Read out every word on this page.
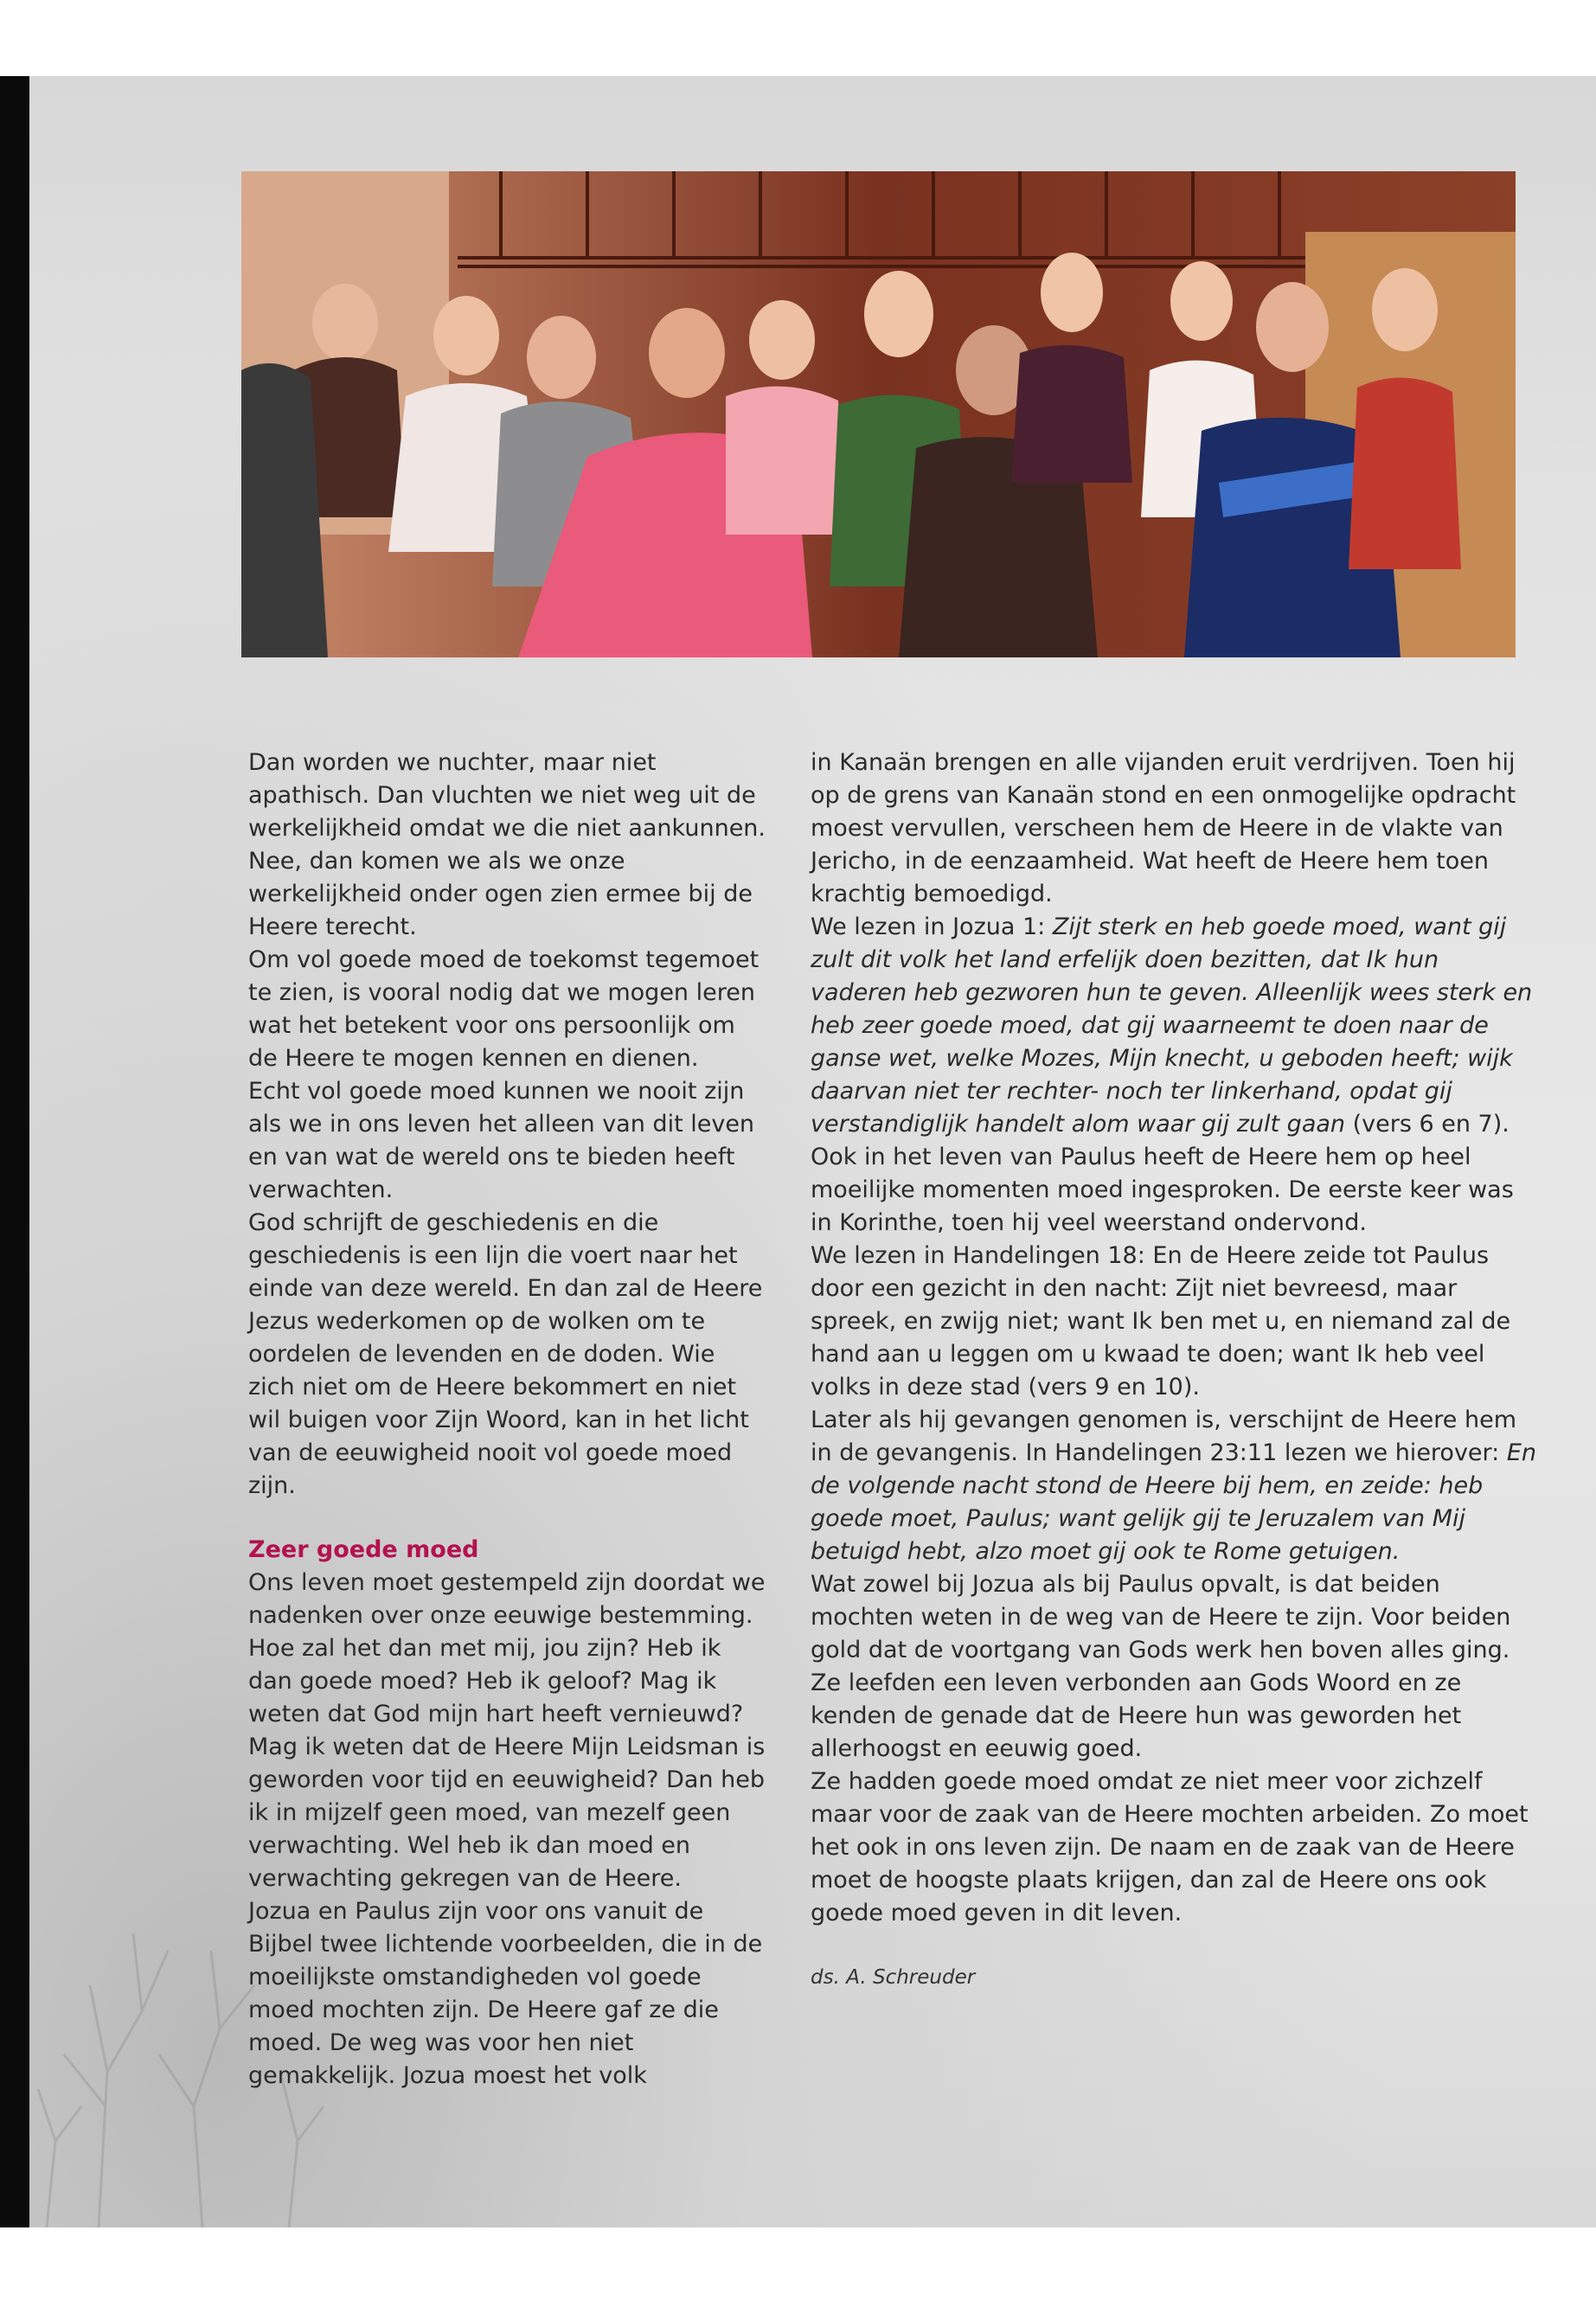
Dan worden we nuchter, maar niet apathisch. Dan vluchten we niet weg uit de werkelijkheid omdat we die niet aankunnen. Nee, dan komen we als we onze werkelijkheid onder ogen zien ermee bij de Heere terecht.

Om vol goede moed de toekomst tegemoet te zien, is vooral nodig dat we mogen leren wat het betekent voor ons persoonlijk om de Heere te mogen kennen en dienen.

Echt vol goede moed kunnen we nooit zijn als we in ons leven het alleen van dit leven en van wat de wereld ons te bieden heeft verwachten.

God schrijft de geschiedenis en die geschiedenis is een lijn die voert naar het einde van deze wereld. En dan zal de Heere Jezus wederkomen op de wolken om te oordelen de levenden en de doden. Wie zich niet om de Heere bekommert en niet wil buigen voor Zijn Woord, kan in het licht van de eeuwigheid nooit vol goede moed zijn.

Zeer goede moed

Ons leven moet gestempeld zijn doordat we nadenken over onze eeuwige bestemming.

Hoe zal het dan met mij, jou zijn? Heb ik dan goede moed? Heb ik geloof? Mag ik weten dat God mijn hart heeft vernieuwd? Mag ik weten dat de Heere Mijn Leidsman is geworden voor tijd en eeuwigheid? Dan heb ik in mijzelf geen moed, van mezelf geen verwachting. Wel heb ik dan moed en verwachting gekregen van de Heere.

Jozua en Paulus zijn voor ons vanuit de Bijbel twee lichtende voorbeelden, die in de moeilijkste omstandigheden vol goede moed mochten zijn. De Heere gaf ze die moed. De weg was voor hen niet gemakkelijk. Jozua moest het volk

in Kanaän brengen en alle vijanden eruit verdrijven. Toen hij op de grens van Kanaän stond en een onmogelijke opdracht moest vervullen, verscheen hem de Heere in de vlakte van Jericho, in de eenzaamheid. Wat heeft de Heere hem toen krachtig bemoedigd.

We lezen in Jozua 1: Zijt sterk en heb goede moed, want gij zult dit volk het land erfelijk doen bezitten, dat Ik hun vaderen heb gezworen hun te geven. Alleenlijk wees sterk en heb zeer goede moed, dat gij waarneemt te doen naar de ganse wet, welke Mozes, Mijn knecht, u geboden heeft; wijk daarvan niet ter rechter- noch ter linkerhand, opdat gij verstandiglijk handelt alom waar gij zult gaan (vers 6 en 7).

Ook in het leven van Paulus heeft de Heere hem op heel moeilijke momenten moed ingesproken. De eerste keer was in Korinthe, toen hij veel weerstand ondervond.

We lezen in Handelingen 18: En de Heere zeide tot Paulus door een gezicht in den nacht: Zijt niet bevreesd, maar spreek, en zwijg niet; want Ik ben met u, en niemand zal de hand aan u leggen om u kwaad te doen; want Ik heb veel volks in deze stad (vers 9 en 10).

Later als hij gevangen genomen is, verschijnt de Heere hem in de gevangenis. In Handelingen 23:11 lezen we hierover: En de volgende nacht stond de Heere bij hem, en zeide: heb goede moet, Paulus; want gelijk gij te Jeruzalem van Mij betuigd hebt, alzo moet gij ook te Rome getuigen.

Wat zowel bij Jozua als bij Paulus opvalt, is dat beiden mochten weten in de weg van de Heere te zijn. Voor beiden gold dat de voortgang van Gods werk hen boven alles ging. Ze leefden een leven verbonden aan Gods Woord en ze kenden de genade dat de Heere hun was geworden het allerhoogst en eeuwig goed.

Ze hadden goede moed omdat ze niet meer voor zichzelf maar voor de zaak van de Heere mochten arbeiden. Zo moet het ook in ons leven zijn. De naam en de zaak van de Heere moet de hoogste plaats krijgen, dan zal de Heere ons ook goede moed geven in dit leven.

ds. A. Schreuder
